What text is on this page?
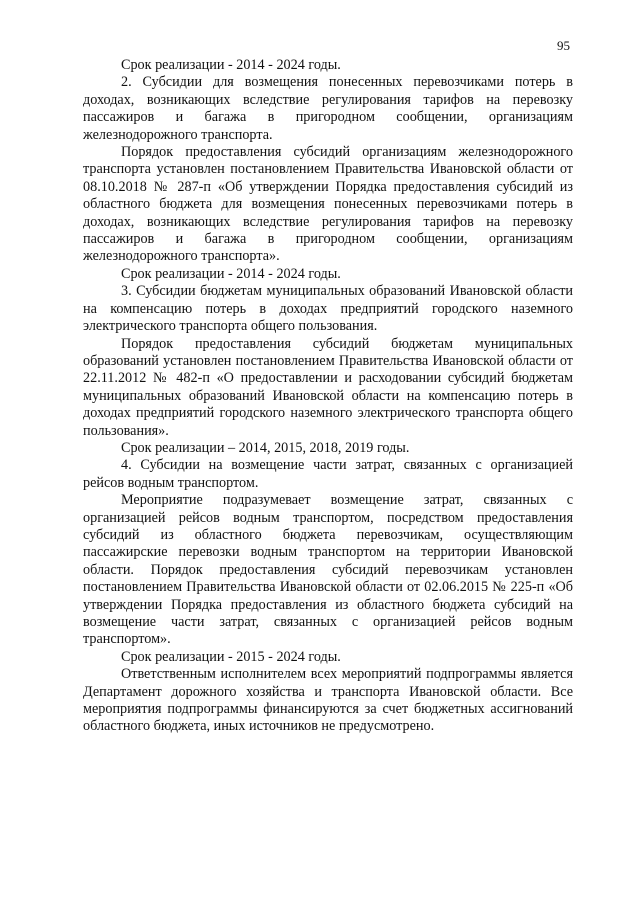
95

Срок реализации - 2014 - 2024 годы.

2. Субсидии для возмещения понесенных перевозчиками потерь в доходах, возникающих вследствие регулирования тарифов на перевозку пассажиров и багажа в пригородном сообщении, организациям железнодорожного транспорта.

Порядок предоставления субсидий организациям железнодорожного транспорта установлен постановлением Правительства Ивановской области от 08.10.2018 № 287-п «Об утверждении Порядка предоставления субсидий из областного бюджета для возмещения понесенных перевозчиками потерь в доходах, возникающих вследствие регулирования тарифов на перевозку пассажиров и багажа в пригородном сообщении, организациям железнодорожного транспорта».

Срок реализации - 2014 - 2024 годы.

3. Субсидии бюджетам муниципальных образований Ивановской области на компенсацию потерь в доходах предприятий городского наземного электрического транспорта общего пользования.

Порядок предоставления субсидий бюджетам муниципальных образований установлен постановлением Правительства Ивановской области от 22.11.2012 № 482-п «О предоставлении и расходовании субсидий бюджетам муниципальных образований Ивановской области на компенсацию потерь в доходах предприятий городского наземного электрического транспорта общего пользования».

Срок реализации – 2014, 2015, 2018, 2019 годы.

4. Субсидии на возмещение части затрат, связанных с организацией рейсов водным транспортом.

Мероприятие подразумевает возмещение затрат, связанных с организацией рейсов водным транспортом, посредством предоставления субсидий из областного бюджета перевозчикам, осуществляющим пассажирские перевозки водным транспортом на территории Ивановской области. Порядок предоставления субсидий перевозчикам установлен постановлением Правительства Ивановской области от 02.06.2015 № 225-п «Об утверждении Порядка предоставления из областного бюджета субсидий на возмещение части затрат, связанных с организацией рейсов водным транспортом».

Срок реализации - 2015 - 2024 годы.

Ответственным исполнителем всех мероприятий подпрограммы является Департамент дорожного хозяйства и транспорта Ивановской области. Все мероприятия подпрограммы финансируются за счет бюджетных ассигнований областного бюджета, иных источников не предусмотрено.
